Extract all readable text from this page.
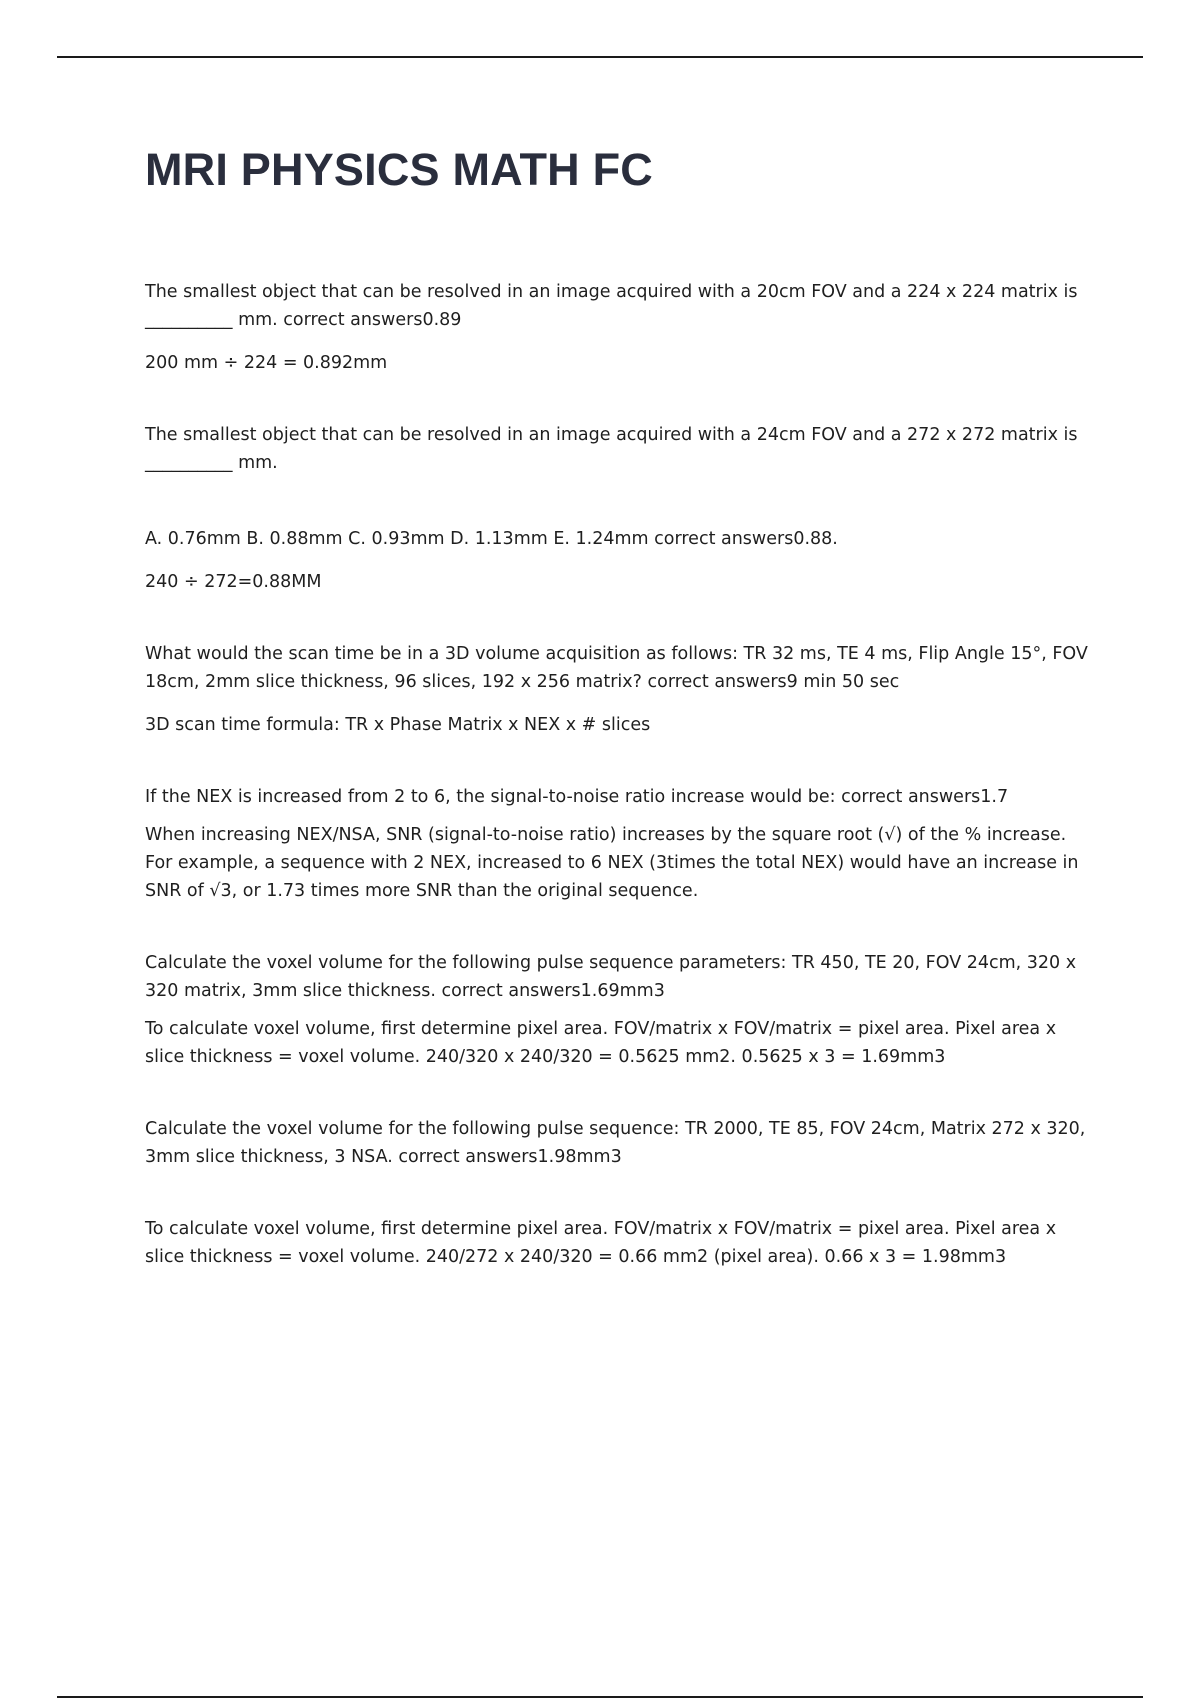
MRI PHYSICS MATH FC

The smallest object that can be resolved in an image acquired with a 20cm FOV and a 224 x 224 matrix is __________ mm. correct answers0.89

200 mm ÷ 224 = 0.892mm

The smallest object that can be resolved in an image acquired with a 24cm FOV and a 272 x 272 matrix is __________ mm.

A. 0.76mm B. 0.88mm C. 0.93mm D. 1.13mm E. 1.24mm correct answers0.88.

240 ÷ 272=0.88MM

What would the scan time be in a 3D volume acquisition as follows: TR 32 ms, TE 4 ms, Flip Angle 15°, FOV 18cm, 2mm slice thickness, 96 slices, 192 x 256 matrix? correct answers9 min 50 sec

3D scan time formula: TR x Phase Matrix x NEX x # slices

If the NEX is increased from 2 to 6, the signal-to-noise ratio increase would be: correct answers1.7

When increasing NEX/NSA, SNR (signal-to-noise ratio) increases by the square root (√) of the % increase. For example, a sequence with 2 NEX, increased to 6 NEX (3times the total NEX) would have an increase in SNR of √3, or 1.73 times more SNR than the original sequence.

Calculate the voxel volume for the following pulse sequence parameters: TR 450, TE 20, FOV 24cm, 320 x 320 matrix, 3mm slice thickness. correct answers1.69mm3

To calculate voxel volume, first determine pixel area. FOV/matrix x FOV/matrix = pixel area. Pixel area x slice thickness = voxel volume. 240/320 x 240/320 = 0.5625 mm2. 0.5625 x 3 = 1.69mm3

Calculate the voxel volume for the following pulse sequence: TR 2000, TE 85, FOV 24cm, Matrix 272 x 320, 3mm slice thickness, 3 NSA. correct answers1.98mm3

To calculate voxel volume, first determine pixel area. FOV/matrix x FOV/matrix = pixel area. Pixel area x slice thickness = voxel volume. 240/272 x 240/320 = 0.66 mm2 (pixel area). 0.66 x 3 = 1.98mm3
